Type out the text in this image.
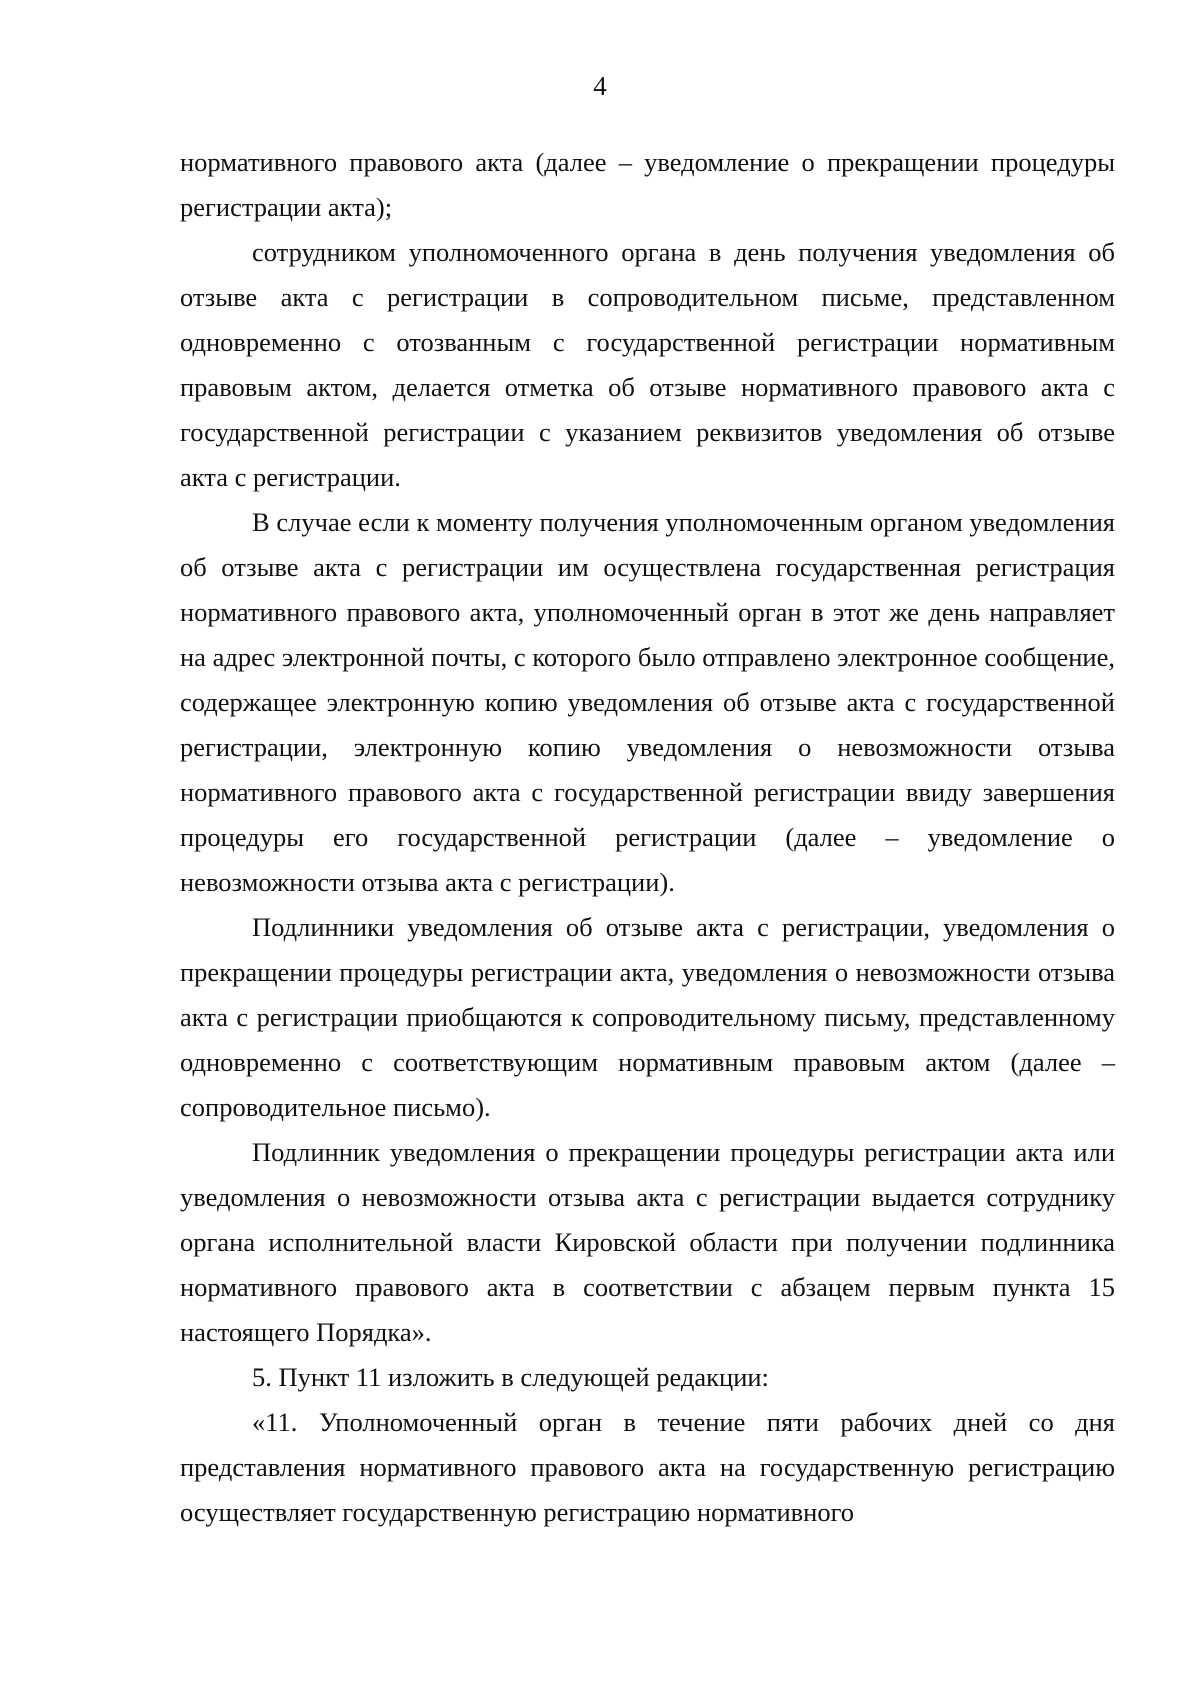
4

нормативного правового акта (далее – уведомление о прекращении процедуры регистрации акта);

сотрудником уполномоченного органа в день получения уведомления об отзыве акта с регистрации в сопроводительном письме, представленном одновременно с отозванным с государственной регистрации нормативным правовым актом, делается отметка об отзыве нормативного правового акта с государственной регистрации с указанием реквизитов уведомления об отзыве акта с регистрации.

В случае если к моменту получения уполномоченным органом уведомления об отзыве акта с регистрации им осуществлена государственная регистрация нормативного правового акта, уполномоченный орган в этот же день направляет на адрес электронной почты, с которого было отправлено электронное сообщение, содержащее электронную копию уведомления об отзыве акта с государственной регистрации, электронную копию уведомления о невозможности отзыва нормативного правового акта с государственной регистрации ввиду завершения процедуры его государственной регистрации (далее – уведомление о невозможности отзыва акта с регистрации).

Подлинники уведомления об отзыве акта с регистрации, уведомления о прекращении процедуры регистрации акта, уведомления о невозможности отзыва акта с регистрации приобщаются к сопроводительному письму, представленному одновременно с соответствующим нормативным правовым актом (далее – сопроводительное письмо).

Подлинник уведомления о прекращении процедуры регистрации акта или уведомления о невозможности отзыва акта с регистрации выдается сотруднику органа исполнительной власти Кировской области при получении подлинника нормативного правового акта в соответствии с абзацем первым пункта 15 настоящего Порядка».

5. Пункт 11 изложить в следующей редакции:

«11. Уполномоченный орган в течение пяти рабочих дней со дня представления нормативного правового акта на государственную регистрацию осуществляет государственную регистрацию нормативного
